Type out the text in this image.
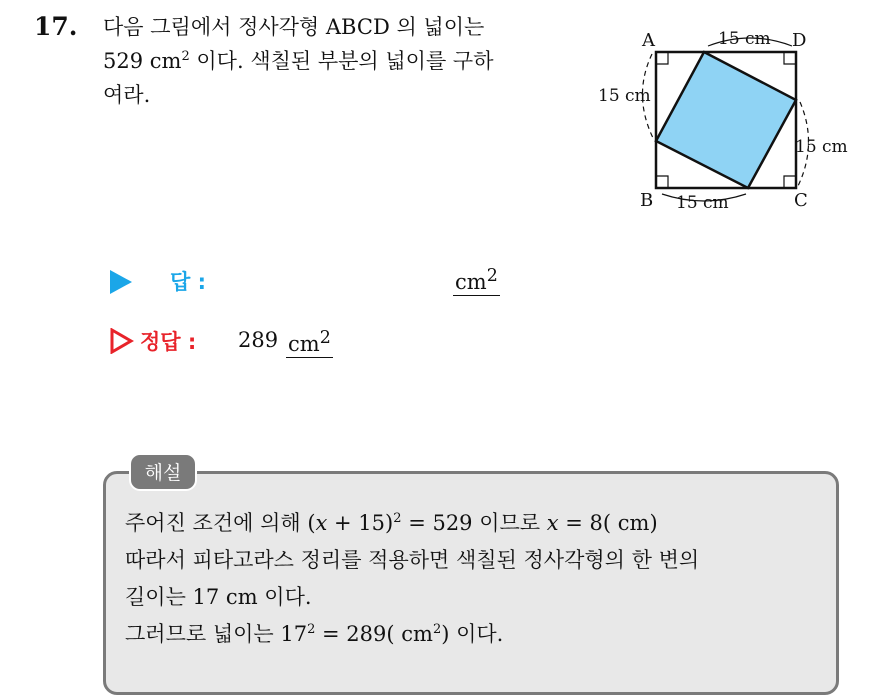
17. 다음 그림에서 정사각형 ABCD 의 넓이는
529 $cm^2$ 이다. 색칠된 부분의 넓이를 구하
여라.
A	D
B	C
15 cm
15 cm
15 cm
15 cm
답 :	$cm^2$
정답 : 289 $cm^2$
해설

주어진 조건에 의해 $(x + 15)^2 = 529$ 이므로 x = 8( cm)

따라서 피타고라스 정리를 적용하면 색칠된 정사각형의 한 변의

길이는 17 cm 이다.

그러므로 넓이는 $17^2 = 289$( $cm^2$) 이다.
